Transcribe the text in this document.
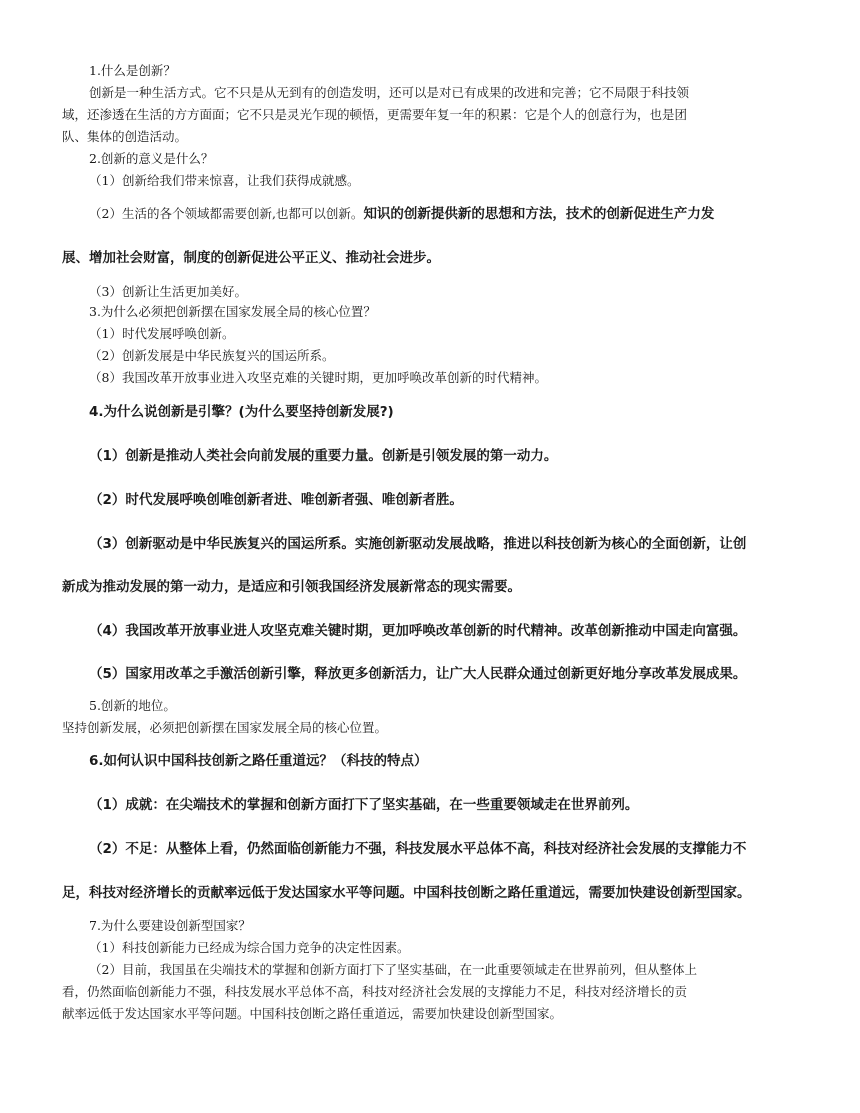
1.什么是创新？

创新是一种生活方式。它不只是从无到有的创造发明，还可以是对已有成果的改进和完善；它不局限于科技领

域，还渗透在生活的方方面面；它不只是灵光乍现的顿悟，更需要年复一年的积累：它是个人的创意行为，也是团

队、集体的创造活动。

2.创新的意义是什么？

（1）创新给我们带来惊喜，让我们获得成就感。

（2）生活的各个领域都需要创新,也都可以创新。知识的创新提供新的思想和方法，技术的创新促进生产力发

展、增加社会财富，制度的创新促进公平正义、推动社会进步。

（3）创新让生活更加美好。

3.为什么必须把创新摆在国家发展全局的核心位置？

（1）时代发展呼唤创新。

（2）创新发展是中华民族复兴的国运所系。

（8）我国改革开放事业进入攻坚克难的关键时期，更加呼唤改革创新的时代精神。

4.为什么说创新是引擎？(为什么要坚持创新发展?)

（1）创新是推动人类社会向前发展的重要力量。创新是引领发展的第一动力。

（2）时代发展呼唤创唯创新者进、唯创新者强、唯创新者胜。

（3）创新驱动是中华民族复兴的国运所系。实施创新驱动发展战略，推进以科技创新为核心的全面创新，让创

新成为推动发展的第一动力，是适应和引领我国经济发展新常态的现实需要。

（4）我国改革开放事业进人攻坚克难关键时期，更加呼唤改革创新的时代精神。改革创新推动中国走向富强。

（5）国家用改革之手激活创新引擎，释放更多创新活力，让广大人民群众通过创新更好地分享改革发展成果。

5.创新的地位。

坚持创新发展，必须把创新摆在国家发展全局的核心位置。

6.如何认识中国科技创新之路任重道远？（科技的特点）

（1）成就：在尖端技术的掌握和创新方面打下了坚实基础，在一些重要领域走在世界前列。

（2）不足：从整体上看，仍然面临创新能力不强，科技发展水平总体不高，科技对经济社会发展的支撑能力不

足，科技对经济增长的贡献率远低于发达国家水平等问题。中国科技创断之路任重道远，需要加快建设创新型国家。

7.为什么要建设创新型国家？

（1）科技创新能力已经成为综合国力竞争的决定性因素。

（2）目前，我国虽在尖端技术的掌握和创新方面打下了坚实基础，在一此重要领域走在世界前列，但从整体上

看，仍然面临创新能力不强，科技发展水平总体不高，科技对经济社会发展的支撑能力不足，科技对经济增长的贡

献率远低于发达国家水平等问题。中国科技创断之路任重道远，需要加快建设创新型国家。
